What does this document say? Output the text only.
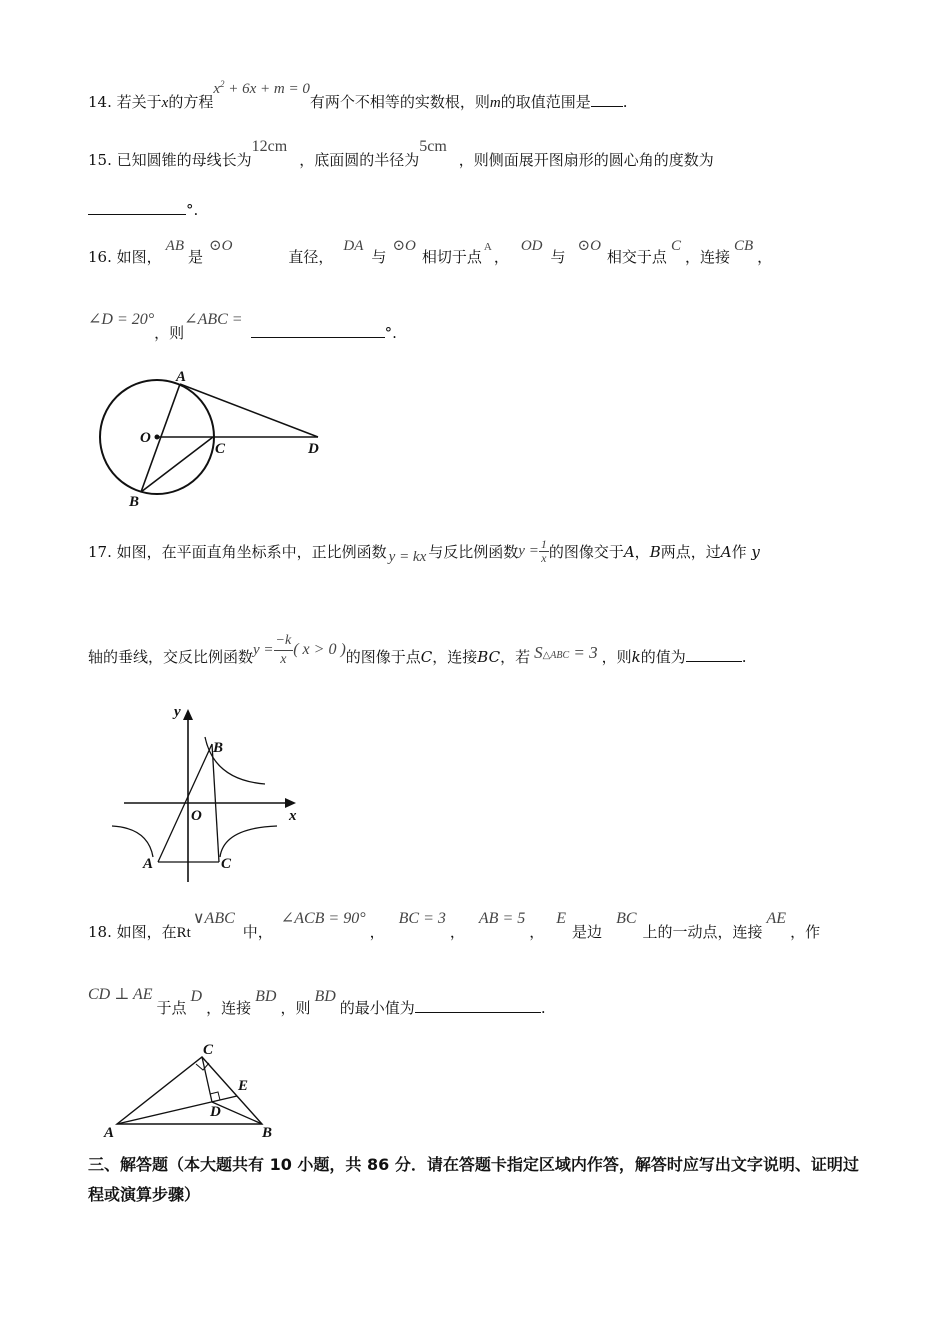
14. 若关于x的方程$x^2 + 6x + m = 0$有两个不相等的实数根，则m的取值范围是 .
15. 已知圆锥的母线长为12cm，底面圆的半径为5cm，则侧面展开图扇形的圆心角的度数为
°.
16. 如图，AB是⊙O直径，DA与⊙O相切于点$^A$，OD与⊙O相交于点C，连接CB，
∠D = 20°，则∠ABC =°.
A
O
C	D
B
17. 如图，在平面直角坐标系中，正比例函数 y = kx 与反比例函数$y = \frac{1}{x}$ 的图像交于A，B两点，过A作 y
轴的垂线，交反比例函数$y = \frac{-k}{x}$ ( x > 0 )的图像于点C，连接BC，若 S△ABC = 3 ，则k的值为	.
y
x
O
B
A	C
18. 如图，在Rt∨ABC中，∠ACB = 90°，BC = 3，AB = 5，E是边BC上的一动点，连接AE，作
CD ⊥ AE于点D，连接BD，则BD的最小值为	.
C
E
D
A	B
三、解答题（本大题共有 10 小题，共 86 分．请在答题卡指定区域内作答，解答时应写出文字说明、证明过程或演算步骤）
